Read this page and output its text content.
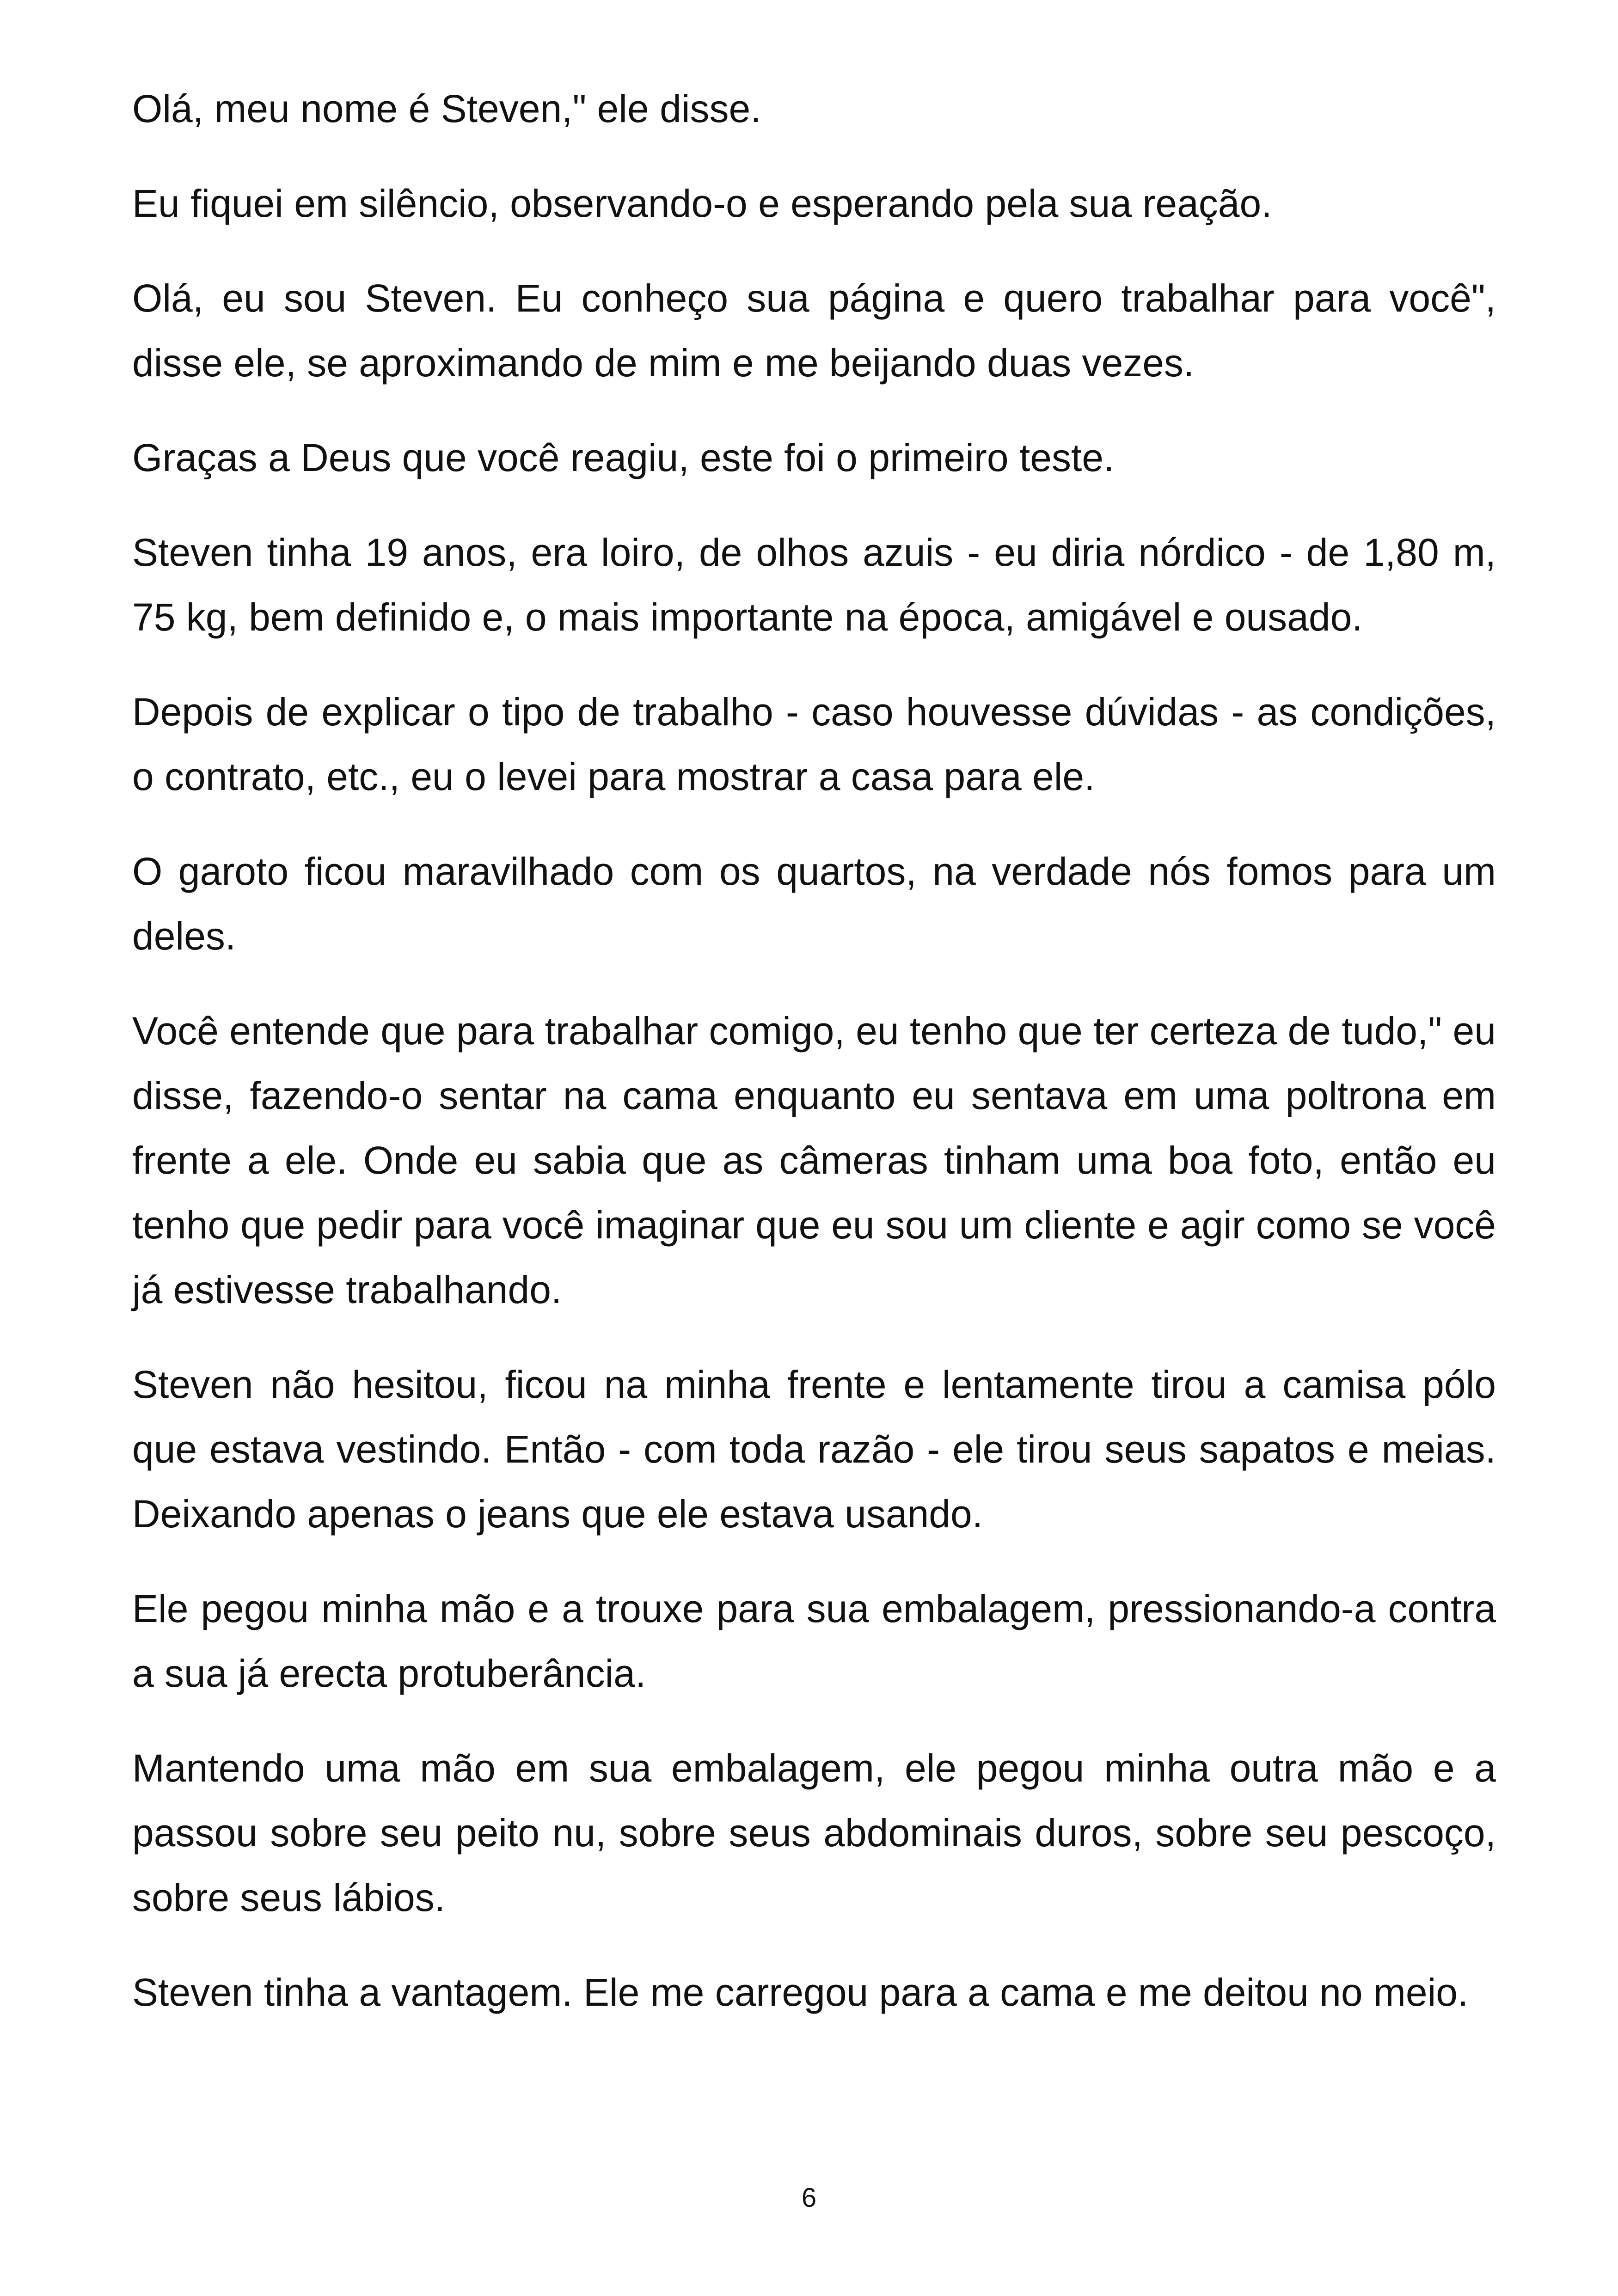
Olá, meu nome é Steven," ele disse.

Eu fiquei em silêncio, observando-o e esperando pela sua reação.

Olá, eu sou Steven. Eu conheço sua página e quero trabalhar para você", disse ele, se aproximando de mim e me beijando duas vezes.

Graças a Deus que você reagiu, este foi o primeiro teste.

Steven tinha 19 anos, era loiro, de olhos azuis - eu diria nórdico - de 1,80 m, 75 kg, bem definido e, o mais importante na época, amigável e ousado.

Depois de explicar o tipo de trabalho - caso houvesse dúvidas - as condições, o contrato, etc., eu o levei para mostrar a casa para ele.

O garoto ficou maravilhado com os quartos, na verdade nós fomos para um deles.

Você entende que para trabalhar comigo, eu tenho que ter certeza de tudo," eu disse, fazendo-o sentar na cama enquanto eu sentava em uma poltrona em frente a ele. Onde eu sabia que as câmeras tinham uma boa foto, então eu tenho que pedir para você imaginar que eu sou um cliente e agir como se você já estivesse trabalhando.

Steven não hesitou, ficou na minha frente e lentamente tirou a camisa pólo que estava vestindo. Então - com toda razão - ele tirou seus sapatos e meias. Deixando apenas o jeans que ele estava usando.

Ele pegou minha mão e a trouxe para sua embalagem, pressionando-a contra a sua já erecta protuberância.

Mantendo uma mão em sua embalagem, ele pegou minha outra mão e a passou sobre seu peito nu, sobre seus abdominais duros, sobre seu pescoço, sobre seus lábios.

Steven tinha a vantagem. Ele me carregou para a cama e me deitou no meio.

6
